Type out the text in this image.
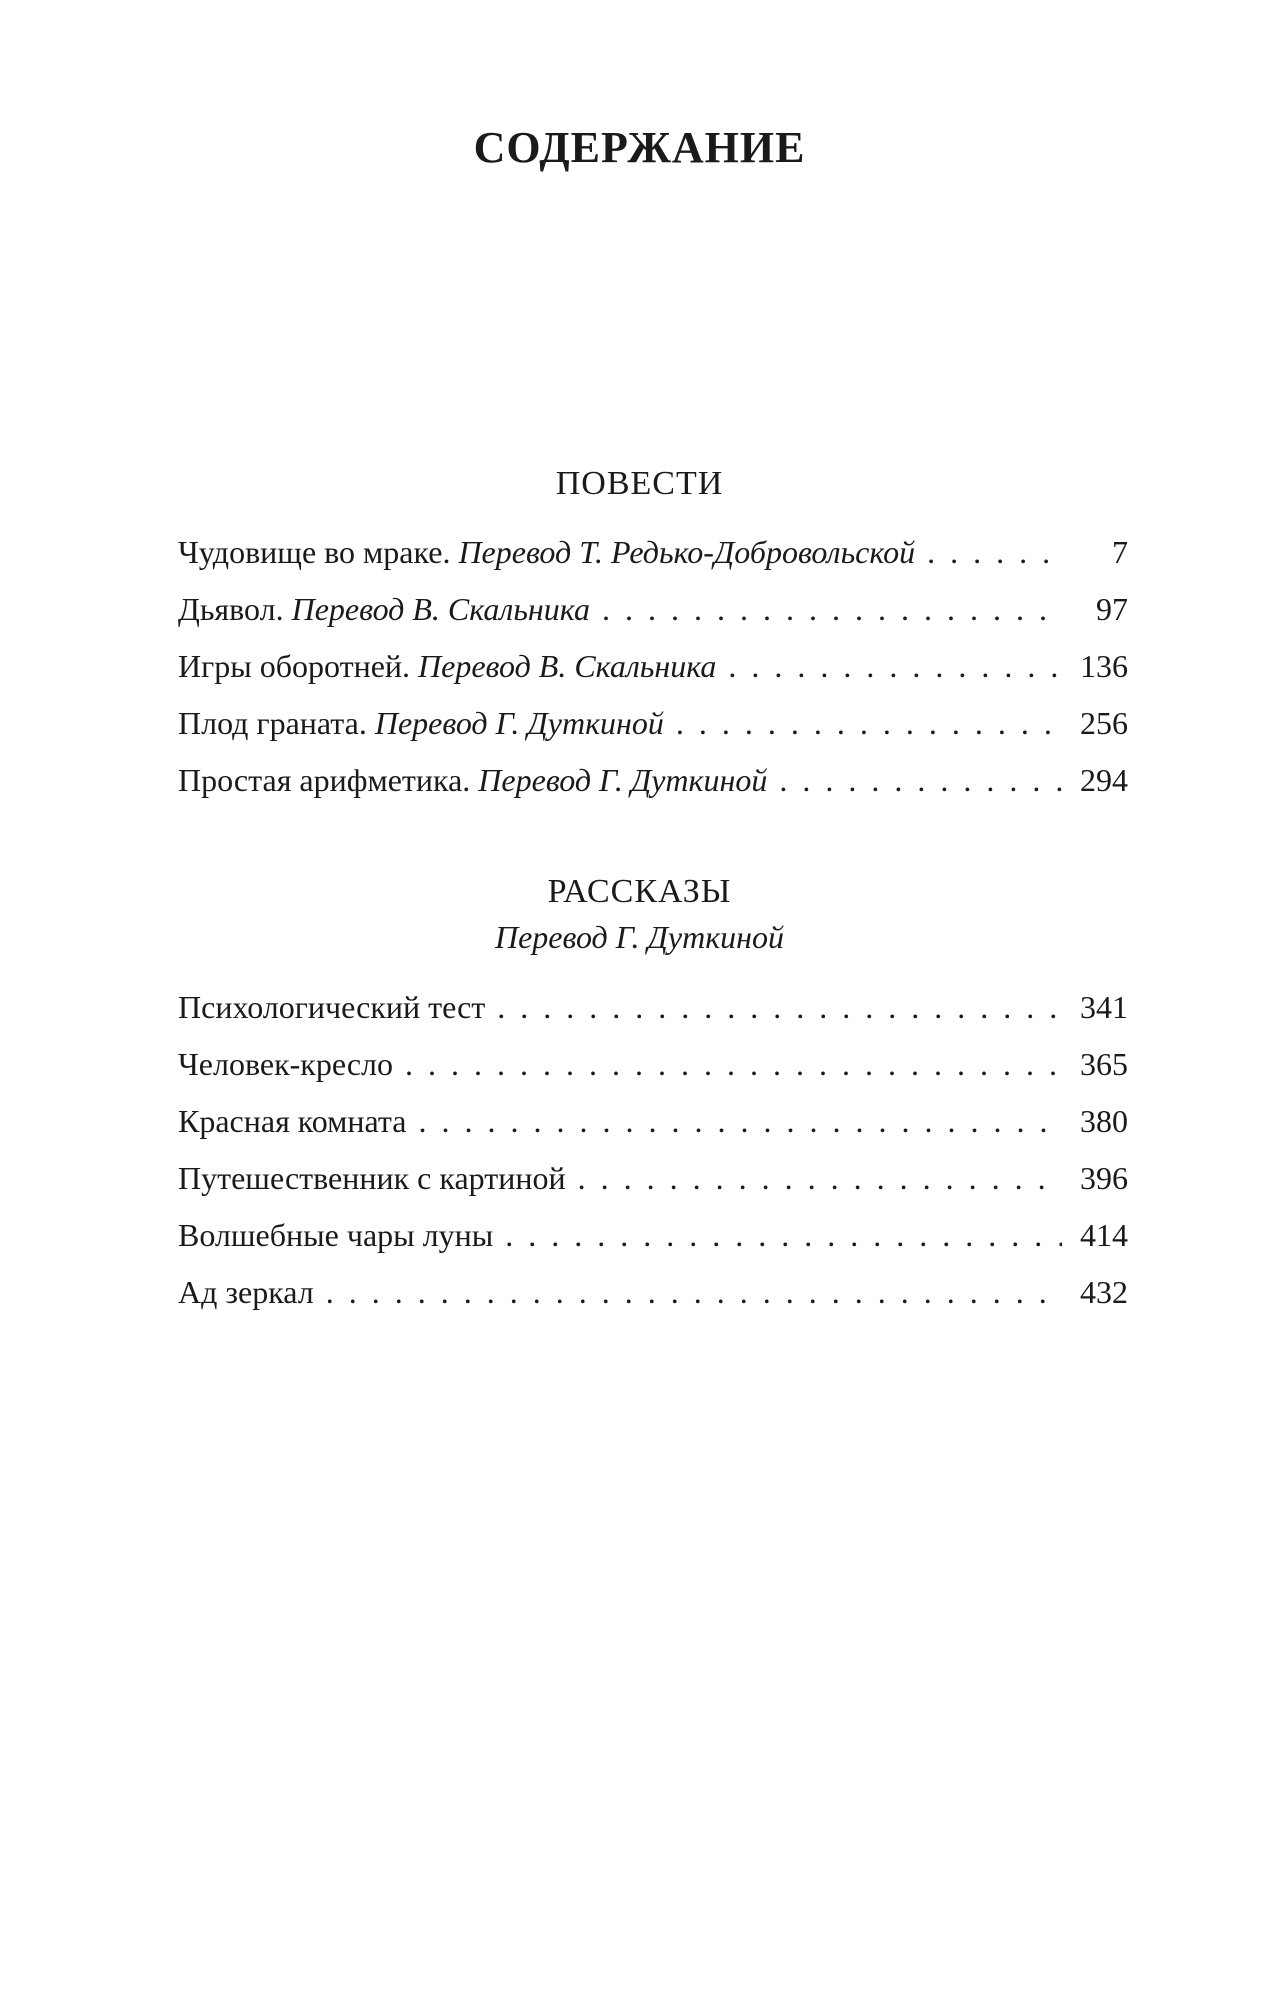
СОДЕРЖАНИЕ
ПОВЕСТИ
Чудовище во мраке. Перевод Т. Редько-Добровольской . . .	7
Дьявол. Перевод В. Скальника . . .	97
Игры оборотней. Перевод В. Скальника . . .	136
Плод граната. Перевод Г. Дуткиной . . .	256
Простая арифметика. Перевод Г. Дуткиной . . .	294
РАССКАЗЫ
Перевод Г. Дуткиной
Психологический тест . . .	341
Человек-кресло . . .	365
Красная комната . . .	380
Путешественник с картиной . . .	396
Волшебные чары луны . . .	414
Ад зеркал . . .	432
